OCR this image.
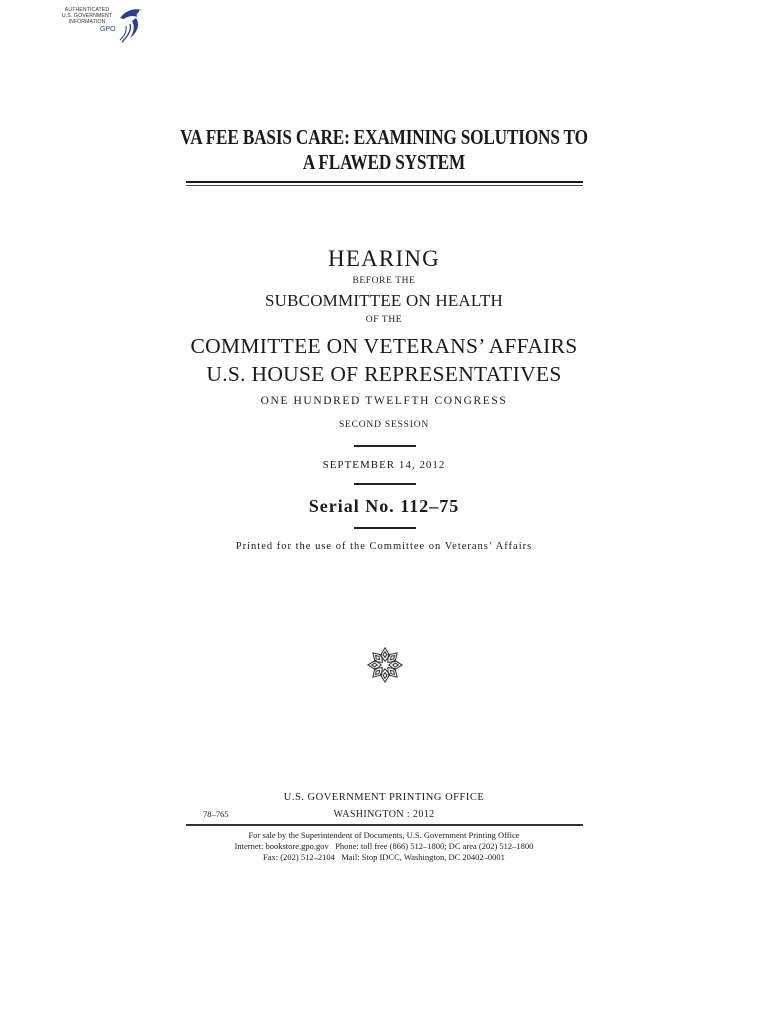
AUTHENTICATED
U.S. GOVERNMENT
INFORMATION
GPO
VA FEE BASIS CARE: EXAMINING SOLUTIONS TO
A FLAWED SYSTEM
HEARING
BEFORE THE
SUBCOMMITTEE ON HEALTH
OF THE
COMMITTEE ON VETERANS’ AFFAIRS
U.S. HOUSE OF REPRESENTATIVES
ONE HUNDRED TWELFTH CONGRESS
SECOND SESSION
SEPTEMBER 14, 2012
Serial No. 112–75
Printed for the use of the Committee on Veterans’ Affairs
U.S. GOVERNMENT PRINTING OFFICE
78–765	WASHINGTON : 2012
For sale by the Superintendent of Documents, U.S. Government Printing Office
Internet: bookstore.gpo.gov   Phone: toll free (866) 512–1800; DC area (202) 512–1800
Fax: (202) 512–2104   Mail: Stop IDCC, Washington, DC 20402–0001
